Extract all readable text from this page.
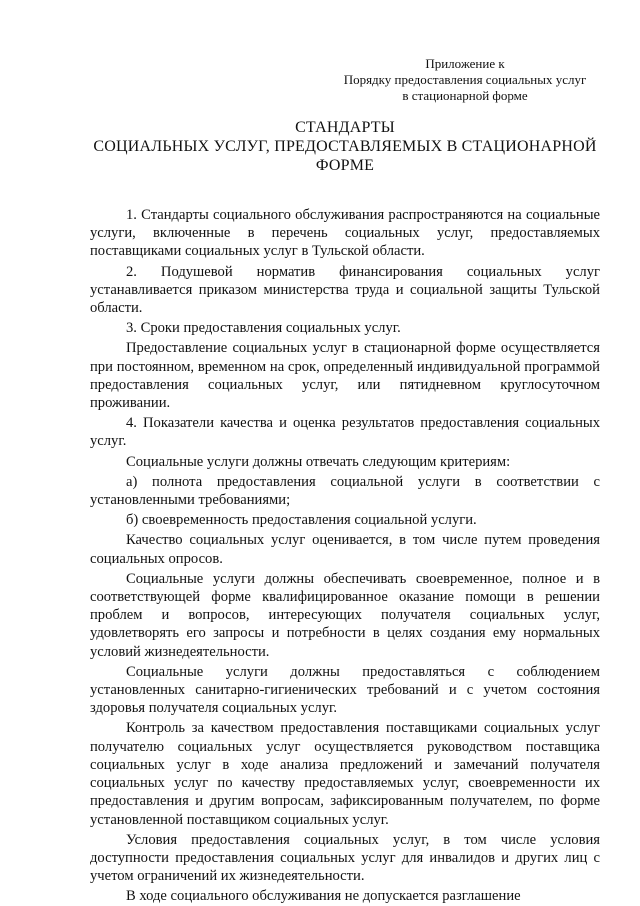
Приложение к
Порядку предоставления социальных услуг
в стационарной форме
СТАНДАРТЫ
СОЦИАЛЬНЫХ УСЛУГ, ПРЕДОСТАВЛЯЕМЫХ В СТАЦИОНАРНОЙ ФОРМЕ

1. Стандарты социального обслуживания распространяются на социальные услуги, включенные в перечень социальных услуг, предоставляемых поставщиками социальных услуг в Тульской области.

2. Подушевой норматив финансирования социальных услуг устанавливается приказом министерства труда и социальной защиты Тульской области.

3. Сроки предоставления социальных услуг.

Предоставление социальных услуг в стационарной форме осуществляется при постоянном, временном на срок, определенный индивидуальной программой предоставления социальных услуг, или пятидневном круглосуточном проживании.

4. Показатели качества и оценка результатов предоставления социальных услуг.

Социальные услуги должны отвечать следующим критериям:

а) полнота предоставления социальной услуги в соответствии с установленными требованиями;

б) своевременность предоставления социальной услуги.

Качество социальных услуг оценивается, в том числе путем проведения социальных опросов.

Социальные услуги должны обеспечивать своевременное, полное и в соответствующей форме квалифицированное оказание помощи в решении проблем и вопросов, интересующих получателя социальных услуг, удовлетворять его запросы и потребности в целях создания ему нормальных условий жизнедеятельности.

Социальные услуги должны предоставляться с соблюдением установленных санитарно-гигиенических требований и с учетом состояния здоровья получателя социальных услуг.

Контроль за качеством предоставления поставщиками социальных услуг получателю социальных услуг осуществляется руководством поставщика социальных услуг в ходе анализа предложений и замечаний получателя социальных услуг по качеству предоставляемых услуг, своевременности их предоставления и другим вопросам, зафиксированным получателем, по форме установленной поставщиком социальных услуг.

Условия предоставления социальных услуг, в том числе условия доступности предоставления социальных услуг для инвалидов и других лиц с учетом ограничений их жизнедеятельности.

В ходе социального обслуживания не допускается разглашение
